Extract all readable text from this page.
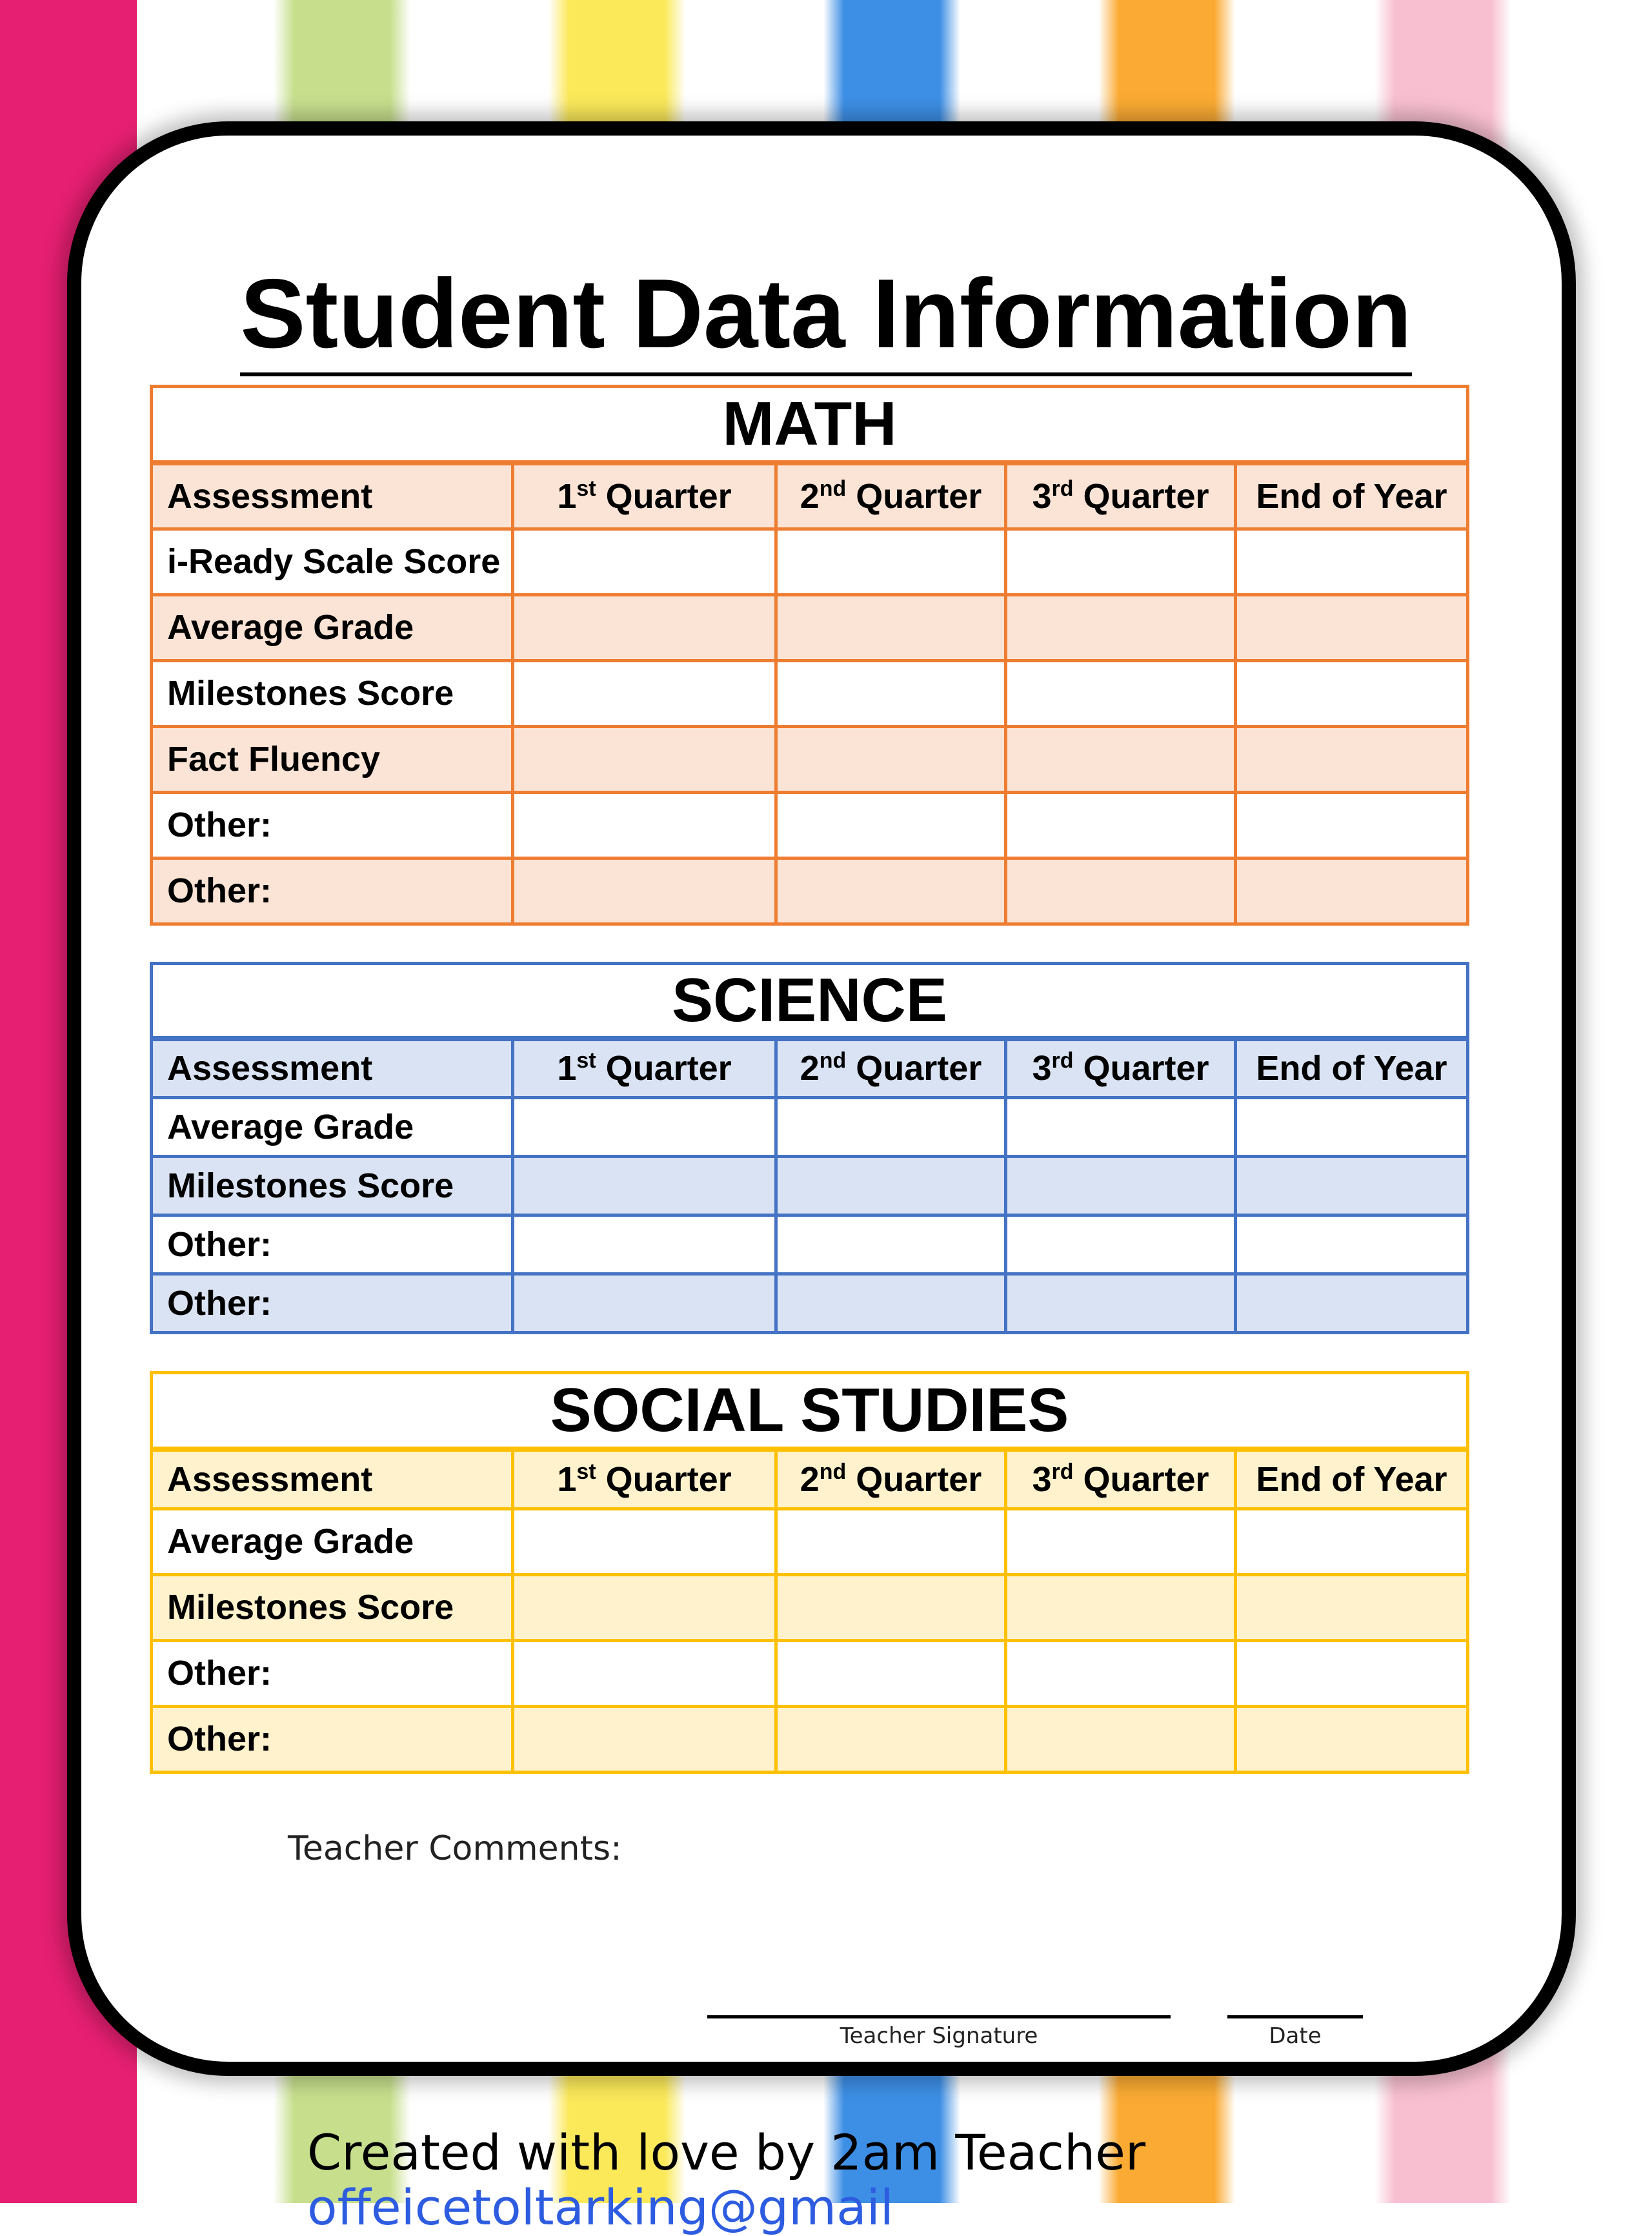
Student Data Information
MATH				
Assessment	1st Quarter	2nd Quarter	3rd Quarter	End of Year
i-Ready Scale Score				
Average Grade				
Milestones Score				
Fact Fluency				
Other:				
Other:				
SCIENCE				
Assessment	1st Quarter	2nd Quarter	3rd Quarter	End of Year
Average Grade				
Milestones Score				
Other:				
Other:				
SOCIAL STUDIES				
Assessment	1st Quarter	2nd Quarter	3rd Quarter	End of Year
Average Grade				
Milestones Score				
Other:				
Other:				
Teacher Comments:
Teacher Signature	Date
Created with love by 2am Teacher
offeicetoltarking@gmail
